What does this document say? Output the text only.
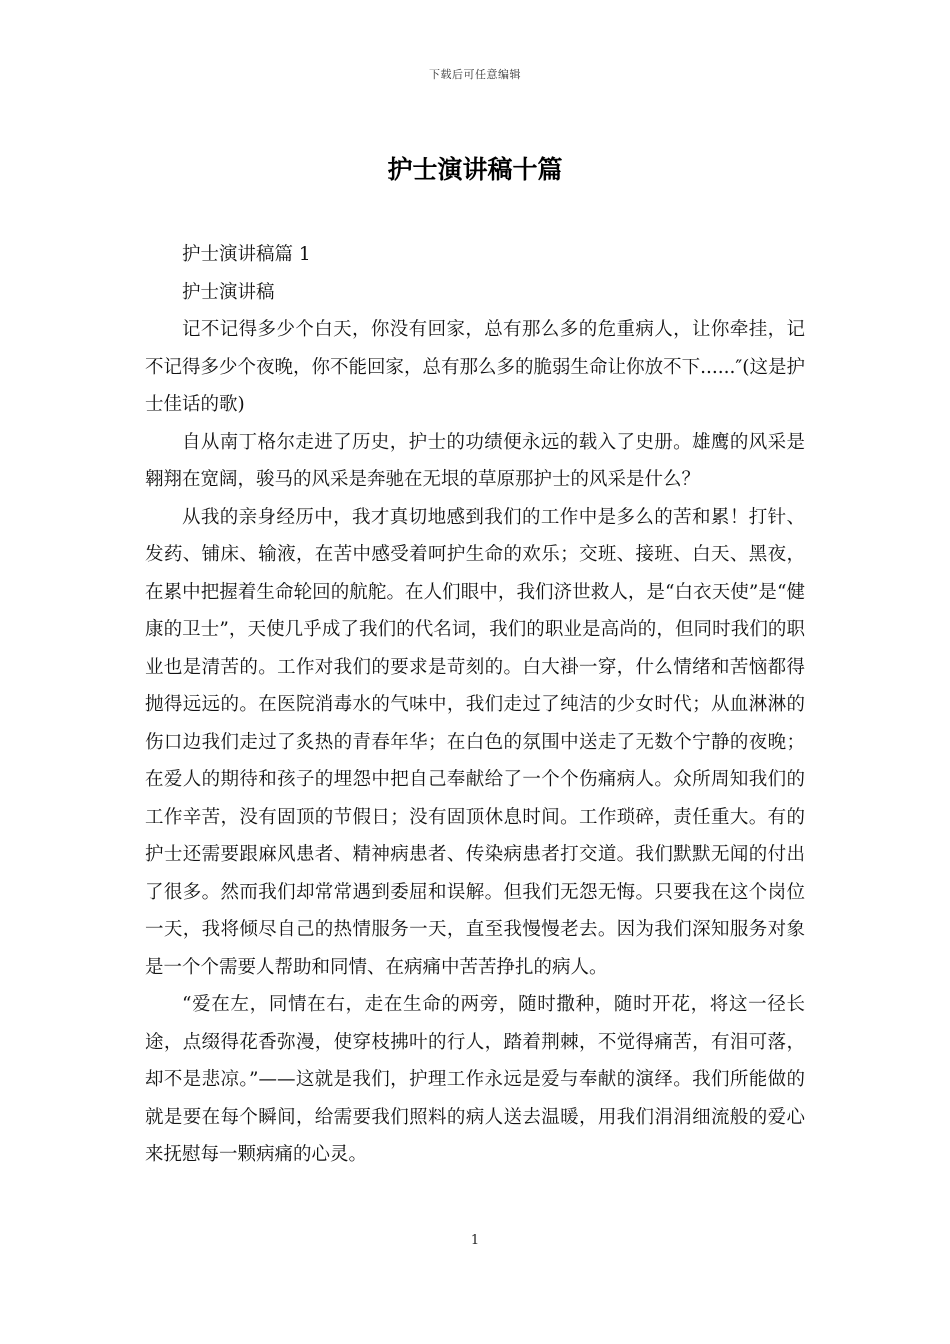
下载后可任意编辑
护士演讲稿十篇

护士演讲稿篇 1

护士演讲稿

记不记得多少个白天，你没有回家，总有那么多的危重病人，让你牵挂，记不记得多少个夜晚，你不能回家，总有那么多的脆弱生命让你放不下......″(这是护士佳话的歌)

自从南丁格尔走进了历史，护士的功绩便永远的载入了史册。雄鹰的风采是翱翔在宽阔，骏马的风采是奔驰在无垠的草原那护士的风采是什么？

从我的亲身经历中，我才真切地感到我们的工作中是多么的苦和累！打针、发药、铺床、输液，在苦中感受着呵护生命的欢乐；交班、接班、白天、黑夜，在累中把握着生命轮回的航舵。在人们眼中，我们济世救人，是“白衣天使”是“健康的卫士”，天使几乎成了我们的代名词，我们的职业是高尚的，但同时我们的职业也是清苦的。工作对我们的要求是苛刻的。白大褂一穿，什么情绪和苦恼都得抛得远远的。在医院消毒水的气味中，我们走过了纯洁的少女时代；从血淋淋的伤口边我们走过了炙热的青春年华；在白色的氛围中送走了无数个宁静的夜晚；在爱人的期待和孩子的埋怨中把自己奉献给了一个个伤痛病人。众所周知我们的工作辛苦，没有固顶的节假日；没有固顶休息时间。工作琐碎，责任重大。有的护士还需要跟麻风患者、精神病患者、传染病患者打交道。我们默默无闻的付出了很多。然而我们却常常遇到委屈和误解。但我们无怨无悔。只要我在这个岗位一天，我将倾尽自己的热情服务一天，直至我慢慢老去。因为我们深知服务对象是一个个需要人帮助和同情、在病痛中苦苦挣扎的病人。

“爱在左，同情在右，走在生命的两旁，随时撒种，随时开花，将这一径长途，点缀得花香弥漫，使穿枝拂叶的行人，踏着荆棘，不觉得痛苦，有泪可落，却不是悲凉。”——这就是我们，护理工作永远是爱与奉献的演绎。我们所能做的就是要在每个瞬间，给需要我们照料的病人送去温暖，用我们涓涓细流般的爱心来抚慰每一颗病痛的心灵。

1
